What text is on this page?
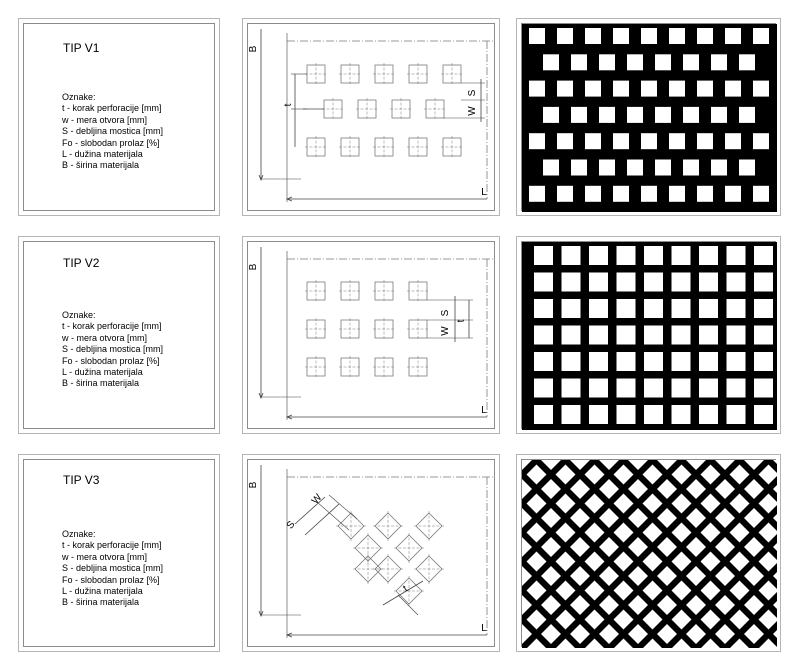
TIP V1
Oznake:
t - korak perforacije [mm]
w - mera otvora [mm]
S - debljina mostica [mm]
Fo - slobodan prolaz [%]
L - dužina materijala
B - širina materijala
B
L
t
S
W
TIP V2
Oznake:
t - korak perforacije [mm]
w - mera otvora [mm]
S - debljina mostica [mm]
Fo - slobodan prolaz [%]
L - dužina materijala
B - širina materijala
B
L
S
W
t
TIP V3
Oznake:
t - korak perforacije [mm]
w - mera otvora [mm]
S - debljina mostica [mm]
Fo - slobodan prolaz [%]
L - dužina materijala
B - širina materijala
B
L
S
W
t
